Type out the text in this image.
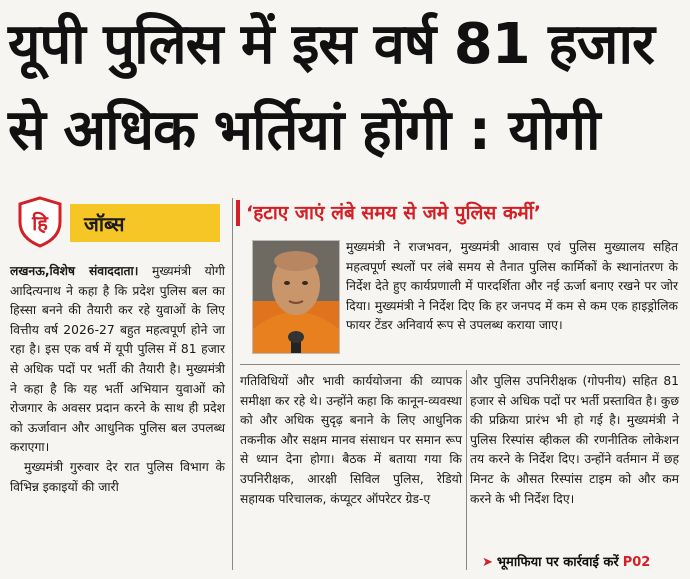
यूपी पुलिस में इस वर्ष 81 हजार
से अधिक भर्तियां होंगी : योगी
हि जॉब्स	‘हटाए जाएं लंबे समय से जमे पुलिस कर्मी’

मुख्यमंत्री ने राजभवन, मुख्यमंत्री आवास एवं पुलिस मुख्यालय सहित महत्वपूर्ण स्थलों पर लंबे समय से तैनात पुलिस कार्मिकों के स्थानांतरण के निर्देश देते हुए कार्यप्रणाली में पारदर्शिता और नई ऊर्जा बनाए रखने पर जोर दिया। मुख्यमंत्री ने निर्देश दिए कि हर जनपद में कम से कम एक हाइड्रोलिक फायर टेंडर अनिवार्य रूप से उपलब्ध कराया जाए।

लखनऊ,विशेष संवाददाता। मुख्यमंत्री योगी आदित्यनाथ ने कहा है कि प्रदेश पुलिस बल का हिस्सा बनने की तैयारी कर रहे युवाओं के लिए वित्तीय वर्ष 2026-27 बहुत महत्वपूर्ण होने जा रहा है। इस एक वर्ष में यूपी पुलिस में 81 हजार से अधिक पदों पर भर्ती की तैयारी है। मुख्यमंत्री ने कहा है कि यह भर्ती अभियान युवाओं को रोजगार के अवसर प्रदान करने के साथ ही प्रदेश को ऊर्जावान और आधुनिक पुलिस बल उपलब्ध कराएगा।

मुख्यमंत्री गुरुवार देर रात पुलिस विभाग के विभिन्न इकाइयों की जारी

गतिविधियों और भावी कार्ययोजना की व्यापक समीक्षा कर रहे थे। उन्होंने कहा कि कानून-व्यवस्था को और अधिक सुदृढ़ बनाने के लिए आधुनिक तकनीक और सक्षम मानव संसाधन पर समान रूप से ध्यान देना होगा। बैठक में बताया गया कि उपनिरीक्षक, आरक्षी सिविल पुलिस, रेडियो सहायक परिचालक, कंप्यूटर ऑपरेटर ग्रेड-ए

और पुलिस उपनिरीक्षक (गोपनीय) सहित 81 हजार से अधिक पदों पर भर्ती प्रस्तावित है। कुछ की प्रक्रिया प्रारंभ भी हो गई है। मुख्यमंत्री ने पुलिस रिस्पांस व्हीकल की रणनीतिक लोकेशन तय करने के निर्देश दिए। उन्होंने वर्तमान में छह मिनट के औसत रिस्पांस टाइम को और कम करने के भी निर्देश दिए।

➤ भूमाफिया पर कार्रवाई करें P02
